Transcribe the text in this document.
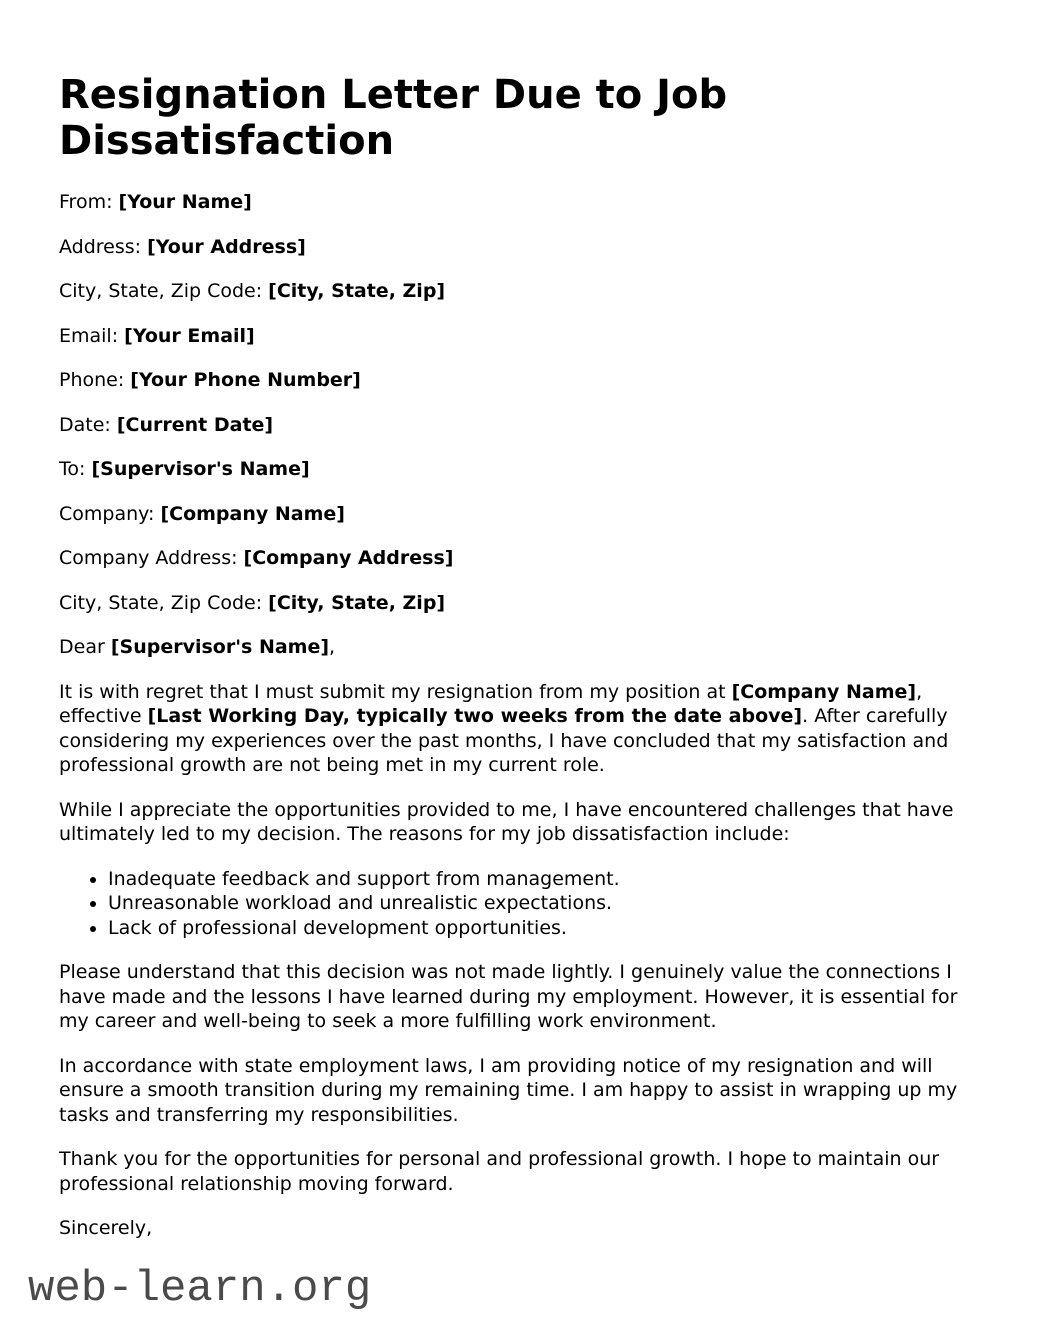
Resignation Letter Due to Job Dissatisfaction

From: [Your Name]

Address: [Your Address]

City, State, Zip Code: [City, State, Zip]

Email: [Your Email]

Phone: [Your Phone Number]

Date: [Current Date]

To: [Supervisor's Name]

Company: [Company Name]

Company Address: [Company Address]

City, State, Zip Code: [City, State, Zip]

Dear [Supervisor's Name],

It is with regret that I must submit my resignation from my position at [Company Name], effective [Last Working Day, typically two weeks from the date above]. After carefully considering my experiences over the past months, I have concluded that my satisfaction and professional growth are not being met in my current role.

While I appreciate the opportunities provided to me, I have encountered challenges that have ultimately led to my decision. The reasons for my job dissatisfaction include:

• Inadequate feedback and support from management.
• Unreasonable workload and unrealistic expectations.
• Lack of professional development opportunities.

Please understand that this decision was not made lightly. I genuinely value the connections I have made and the lessons I have learned during my employment. However, it is essential for my career and well-being to seek a more fulfilling work environment.

In accordance with state employment laws, I am providing notice of my resignation and will ensure a smooth transition during my remaining time. I am happy to assist in wrapping up my tasks and transferring my responsibilities.

Thank you for the opportunities for personal and professional growth. I hope to maintain our professional relationship moving forward.

Sincerely,

web-learn.org
